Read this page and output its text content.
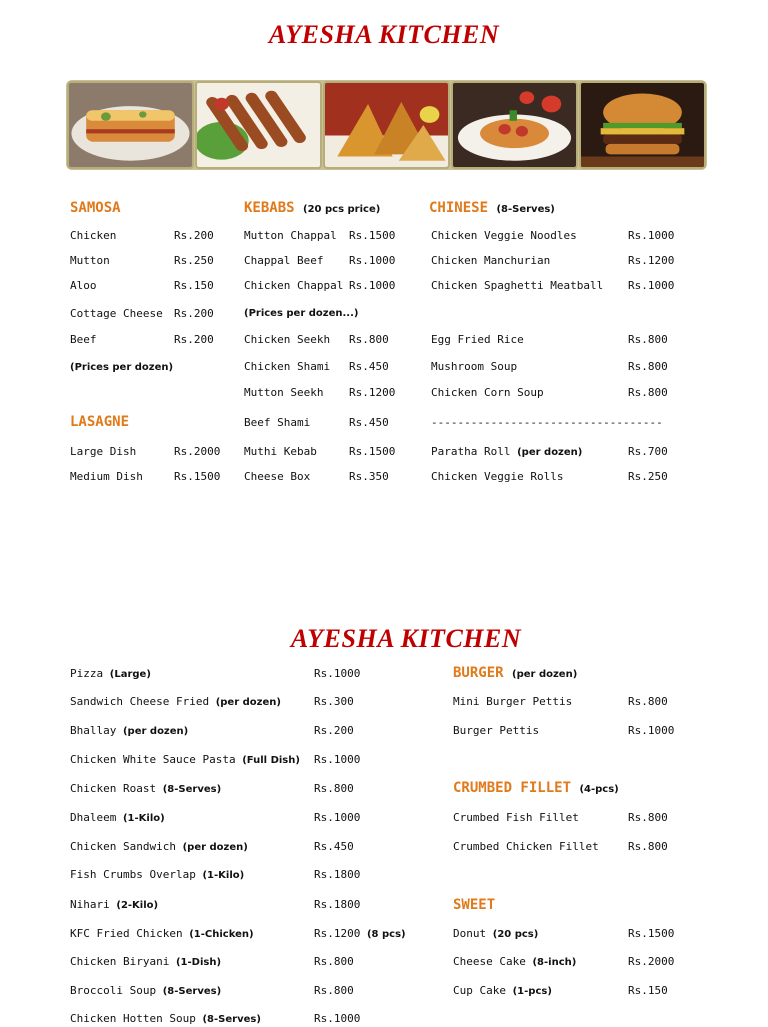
AYESHA KITCHEN
SAMOSA
Chicken	Rs.200
Mutton	Rs.250
Aloo	Rs.150
Cottage Cheese Rs.200
Beef	Rs.200
(Prices per dozen)
LASAGNE
Large Dish	Rs.2000
Medium Dish	Rs.1500
KEBABS (20 pcs price)
Mutton Chappal Rs.1500
Chappal Beef Rs.1000
Chicken Chappal Rs.1000
(Prices per dozen...)
Chicken Seekh Rs.800
Chicken Shami Rs.450
Mutton Seekh Rs.1200
Beef Shami	Rs.450
Muthi Kebab	Rs.1500
Cheese Box	Rs.350
CHINESE (8-Serves)
Chicken Veggie Noodles	Rs.1000
Chicken Manchurian	Rs.1200
Chicken Spaghetti Meatball Rs.1000
Egg Fried Rice	Rs.800
Mushroom Soup	Rs.800
Chicken Corn Soup	Rs.800
-----------------------------------
Paratha Roll (per dozen)	Rs.700
Chicken Veggie Rolls	Rs.250
AYESHA KITCHEN
Pizza (Large)	Rs.1000
Sandwich Cheese Fried (per dozen)	Rs.300
Bhallay (per dozen)	Rs.200
Chicken White Sauce Pasta (Full Dish) Rs.1000
Chicken Roast (8-Serves)	Rs.800
Dhaleem (1-Kilo)	Rs.1000
Chicken Sandwich (per dozen)	Rs.450
Fish Crumbs Overlap (1-Kilo)	Rs.1800
Nihari (2-Kilo)	Rs.1800
KFC Fried Chicken (1-Chicken)	Rs.1200 (8 pcs)
Chicken Biryani (1-Dish)	Rs.800
Broccoli Soup (8-Serves)	Rs.800
Chicken Hotten Soup (8-Serves)	Rs.1000
BURGER (per dozen)
Mini Burger Pettis	Rs.800
Burger Pettis	Rs.1000
CRUMBED FILLET (4-pcs)
Crumbed Fish Fillet	Rs.800
Crumbed Chicken Fillet	Rs.800
SWEET
Donut (20 pcs)	Rs.1500
Cheese Cake (8-inch)	Rs.2000
Cup Cake (1-pcs)	Rs.150
